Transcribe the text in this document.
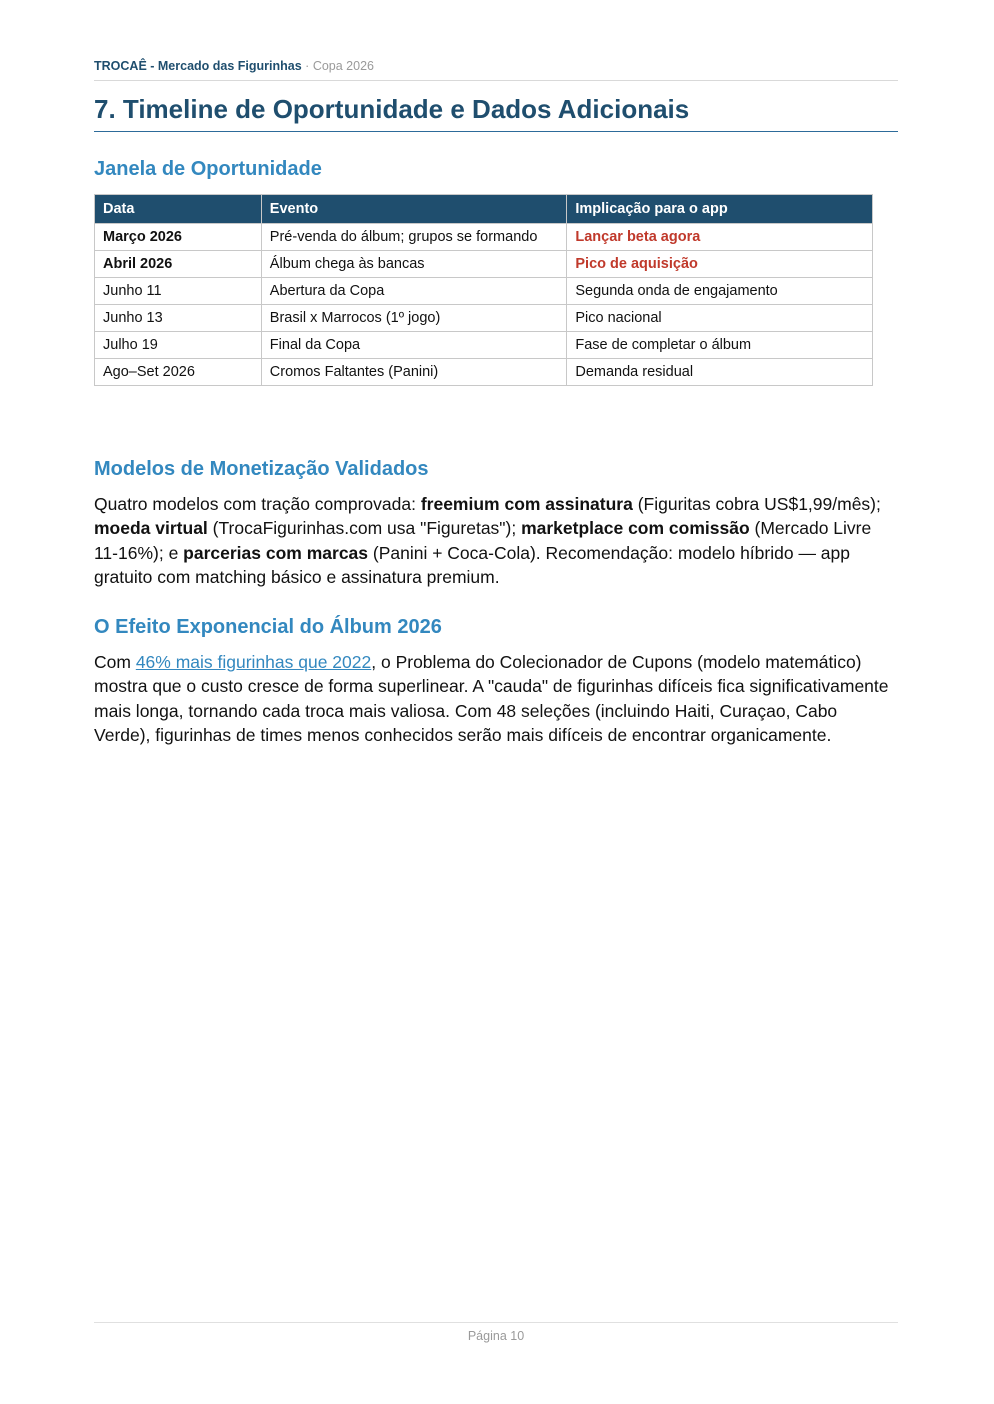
TROCAÊ - Mercado das Figurinhas · Copa 2026
7. Timeline de Oportunidade e Dados Adicionais
Janela de Oportunidade
Data	Evento	Implicação para o app
Março 2026	Pré-venda do álbum; grupos se formando	Lançar beta agora
Abril 2026	Álbum chega às bancas	Pico de aquisição
Junho 11	Abertura da Copa	Segunda onda de engajamento
Junho 13	Brasil x Marrocos (1º jogo)	Pico nacional
Julho 19	Final da Copa	Fase de completar o álbum
Ago–Set 2026	Cromos Faltantes (Panini)	Demanda residual
Modelos de Monetização Validados

Quatro modelos com tração comprovada: freemium com assinatura (Figuritas cobra US$1,99/mês); moeda virtual (TrocaFigurinhas.com usa "Figuretas"); marketplace com comissão (Mercado Livre 11-16%); e parcerias com marcas (Panini + Coca-Cola). Recomendação: modelo híbrido — app gratuito com matching básico e assinatura premium.

O Efeito Exponencial do Álbum 2026

Com 46% mais figurinhas que 2022, o Problema do Colecionador de Cupons (modelo matemático) mostra que o custo cresce de forma superlinear. A "cauda" de figurinhas difíceis fica significativamente mais longa, tornando cada troca mais valiosa. Com 48 seleções (incluindo Haiti, Curaçao, Cabo Verde), figurinhas de times menos conhecidos serão mais difíceis de encontrar organicamente.

Página 10
